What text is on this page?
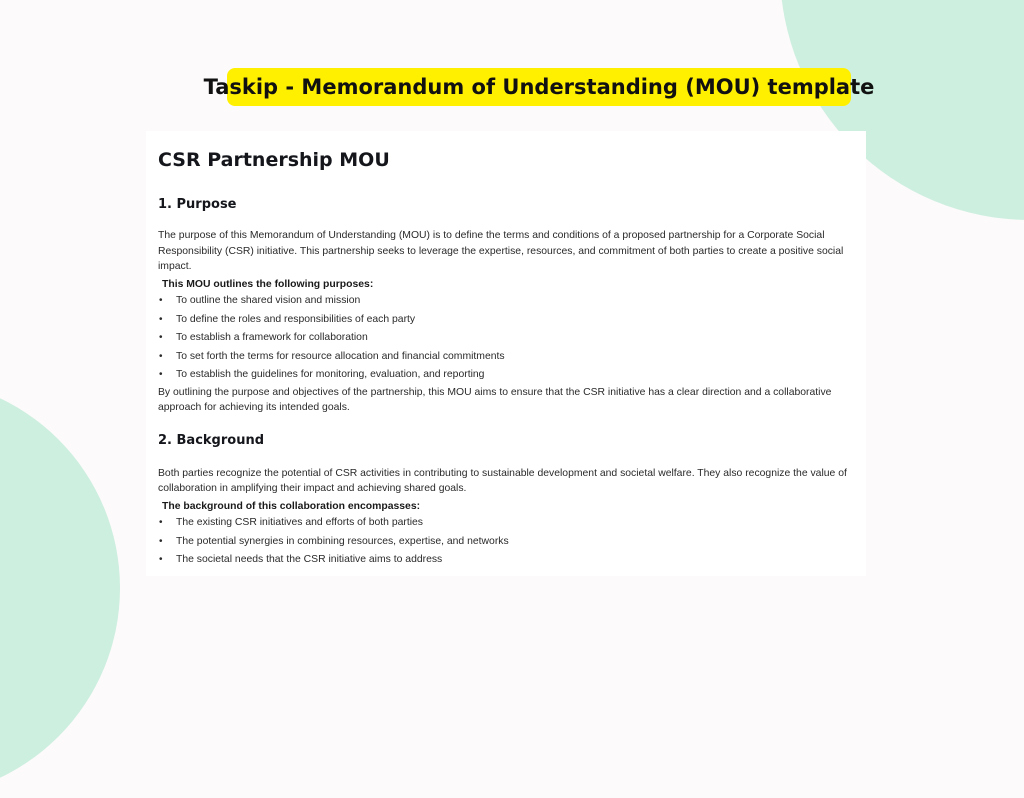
Taskip - Memorandum of Understanding (MOU) template
CSR Partnership MOU
1. Purpose

The purpose of this Memorandum of Understanding (MOU) is to define the terms and conditions of a proposed partnership for a Corporate Social Responsibility (CSR) initiative. This partnership seeks to leverage the expertise, resources, and commitment of both parties to create a positive social impact.

This MOU outlines the following purposes:

• To outline the shared vision and mission
• To define the roles and responsibilities of each party
• To establish a framework for collaboration
• To set forth the terms for resource allocation and financial commitments
• To establish the guidelines for monitoring, evaluation, and reporting

By outlining the purpose and objectives of the partnership, this MOU aims to ensure that the CSR initiative has a clear direction and a collaborative approach for achieving its intended goals.

2. Background

Both parties recognize the potential of CSR activities in contributing to sustainable development and societal welfare. They also recognize the value of collaboration in amplifying their impact and achieving shared goals.

The background of this collaboration encompasses:

• The existing CSR initiatives and efforts of both parties
• The potential synergies in combining resources, expertise, and networks
• The societal needs that the CSR initiative aims to address
